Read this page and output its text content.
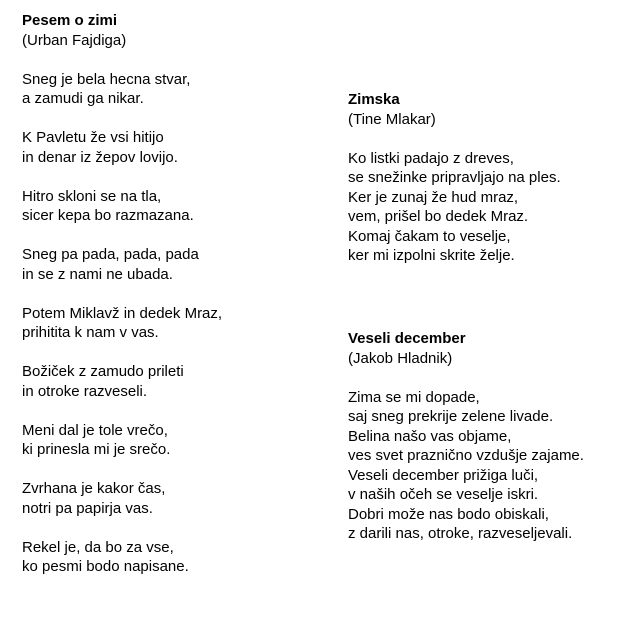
Pesem o zimi
(Urban Fajdiga)
Sneg je bela hecna stvar,
a zamudi ga nikar.
K Pavletu že vsi hitijo
in denar iz žepov lovijo.
Hitro skloni se na tla,
sicer kepa bo razmazana.
Sneg pa pada, pada, pada
in se z nami ne ubada.
Potem Miklavž in dedek Mraz,
prihitita k nam v vas.
Božiček z zamudo prileti
in otroke razveseli.
Meni dal je tole vrečo,
ki prinesla mi je srečo.
Zvrhana je kakor čas,
notri pa papirja vas.
Rekel je, da bo za vse,
ko pesmi bodo napisane.
Zimska
(Tine Mlakar)
Ko listki padajo z dreves,
se snežinke pripravljajo na ples.
Ker je zunaj že hud mraz,
vem, prišel bo dedek Mraz.
Komaj čakam to veselje,
ker mi izpolni skrite želje.
Veseli december
(Jakob Hladnik)
Zima se mi dopade,
saj sneg prekrije zelene livade.
Belina našo vas objame,
ves svet praznično vzdušje zajame.
Veseli december prižiga luči,
v naših očeh se veselje iskri.
Dobri može nas bodo obiskali,
z darili nas, otroke, razveseljevali.
